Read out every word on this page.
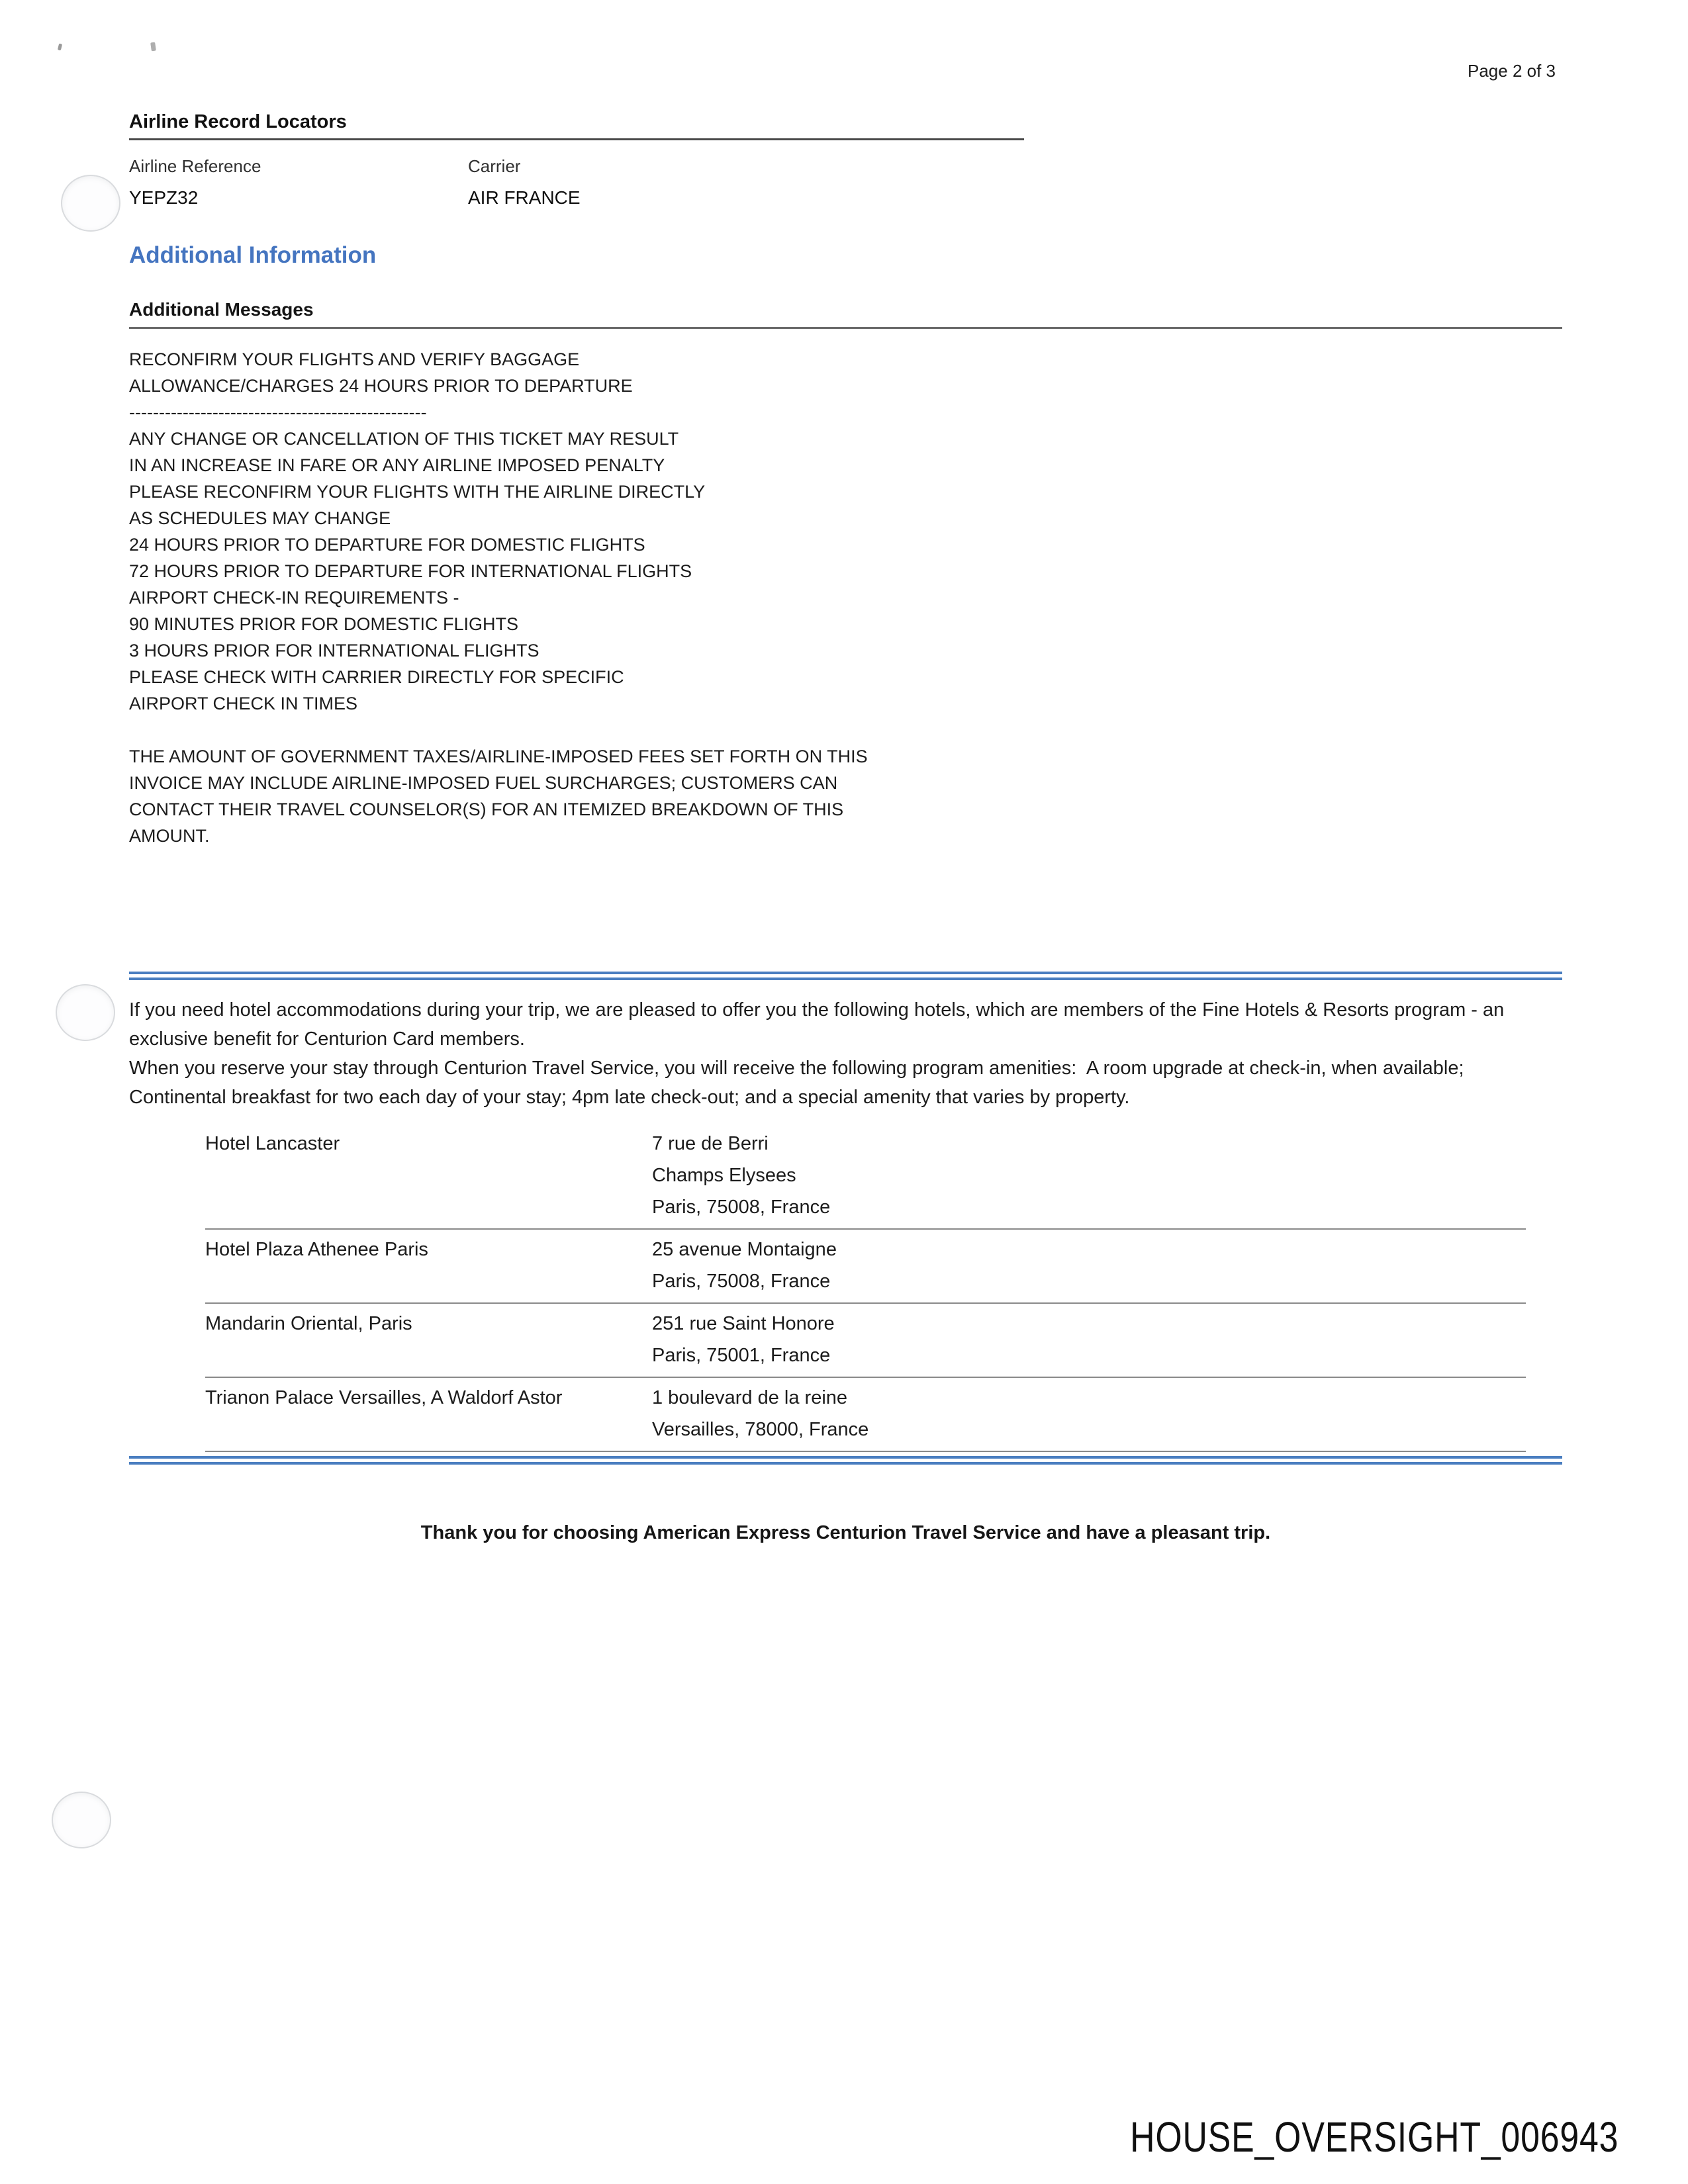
Page 2 of 3
Airline Record Locators
Airline Reference	Carrier
YEPZ32	AIR FRANCE
Additional Information
Additional Messages
RECONFIRM YOUR FLIGHTS AND VERIFY BAGGAGE
ALLOWANCE/CHARGES 24 HOURS PRIOR TO DEPARTURE
--------------------------------------------------
ANY CHANGE OR CANCELLATION OF THIS TICKET MAY RESULT
IN AN INCREASE IN FARE OR ANY AIRLINE IMPOSED PENALTY
PLEASE RECONFIRM YOUR FLIGHTS WITH THE AIRLINE DIRECTLY
AS SCHEDULES MAY CHANGE
24 HOURS PRIOR TO DEPARTURE FOR DOMESTIC FLIGHTS
72 HOURS PRIOR TO DEPARTURE FOR INTERNATIONAL FLIGHTS
AIRPORT CHECK-IN REQUIREMENTS -
90 MINUTES PRIOR FOR DOMESTIC FLIGHTS
3 HOURS PRIOR FOR INTERNATIONAL FLIGHTS
PLEASE CHECK WITH CARRIER DIRECTLY FOR SPECIFIC
AIRPORT CHECK IN TIMES
THE AMOUNT OF GOVERNMENT TAXES/AIRLINE-IMPOSED FEES SET FORTH ON THIS
INVOICE MAY INCLUDE AIRLINE-IMPOSED FUEL SURCHARGES; CUSTOMERS CAN
CONTACT THEIR TRAVEL COUNSELOR(S) FOR AN ITEMIZED BREAKDOWN OF THIS
AMOUNT.
If you need hotel accommodations during your trip, we are pleased to offer you the following hotels, which are members of the Fine Hotels & Resorts program - an exclusive benefit for Centurion Card members.
When you reserve your stay through Centurion Travel Service, you will receive the following program amenities:  A room upgrade at check-in, when available; Continental breakfast for two each day of your stay; 4pm late check-out; and a special amenity that varies by property.
Hotel Lancaster	7 rue de Berri
Champs Elysees
Paris, 75008, France
Hotel Plaza Athenee Paris	25 avenue Montaigne
Paris, 75008, France
Mandarin Oriental, Paris	251 rue Saint Honore
Paris, 75001, France
Trianon Palace Versailles, A Waldorf Astor	1 boulevard de la reine
Versailles, 78000, France
Thank you for choosing American Express Centurion Travel Service and have a pleasant trip.
HOUSE_OVERSIGHT_006943
